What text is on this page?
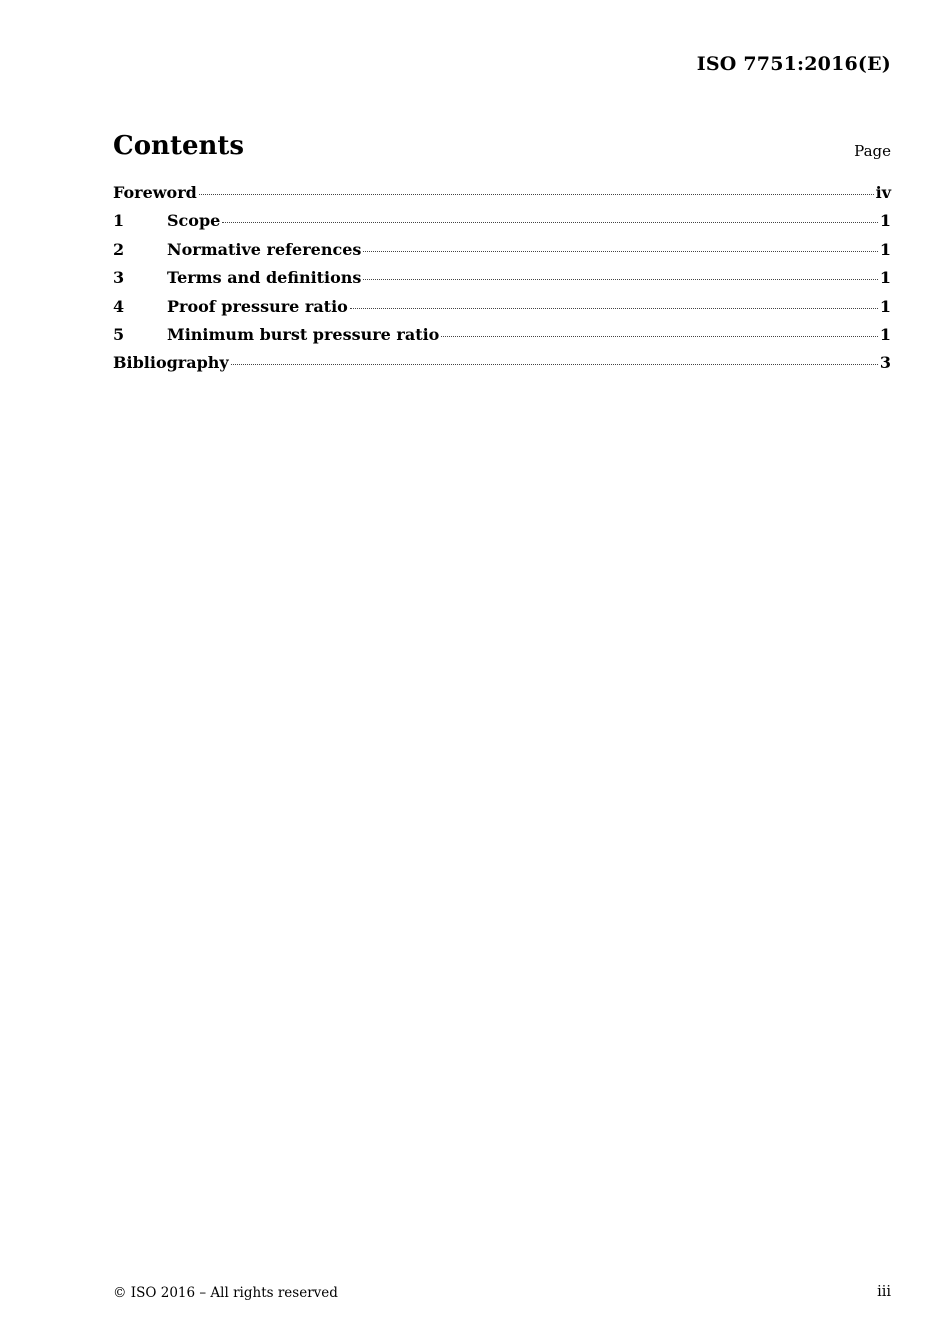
ISO 7751:2016(E)
Contents	Page
Foreword	iv
1	Scope	1
2	Normative references	1
3	Terms and definitions	1
4	Proof pressure ratio	1
5	Minimum burst pressure ratio	1
Bibliography	3
© ISO 2016 – All rights reserved	iii
